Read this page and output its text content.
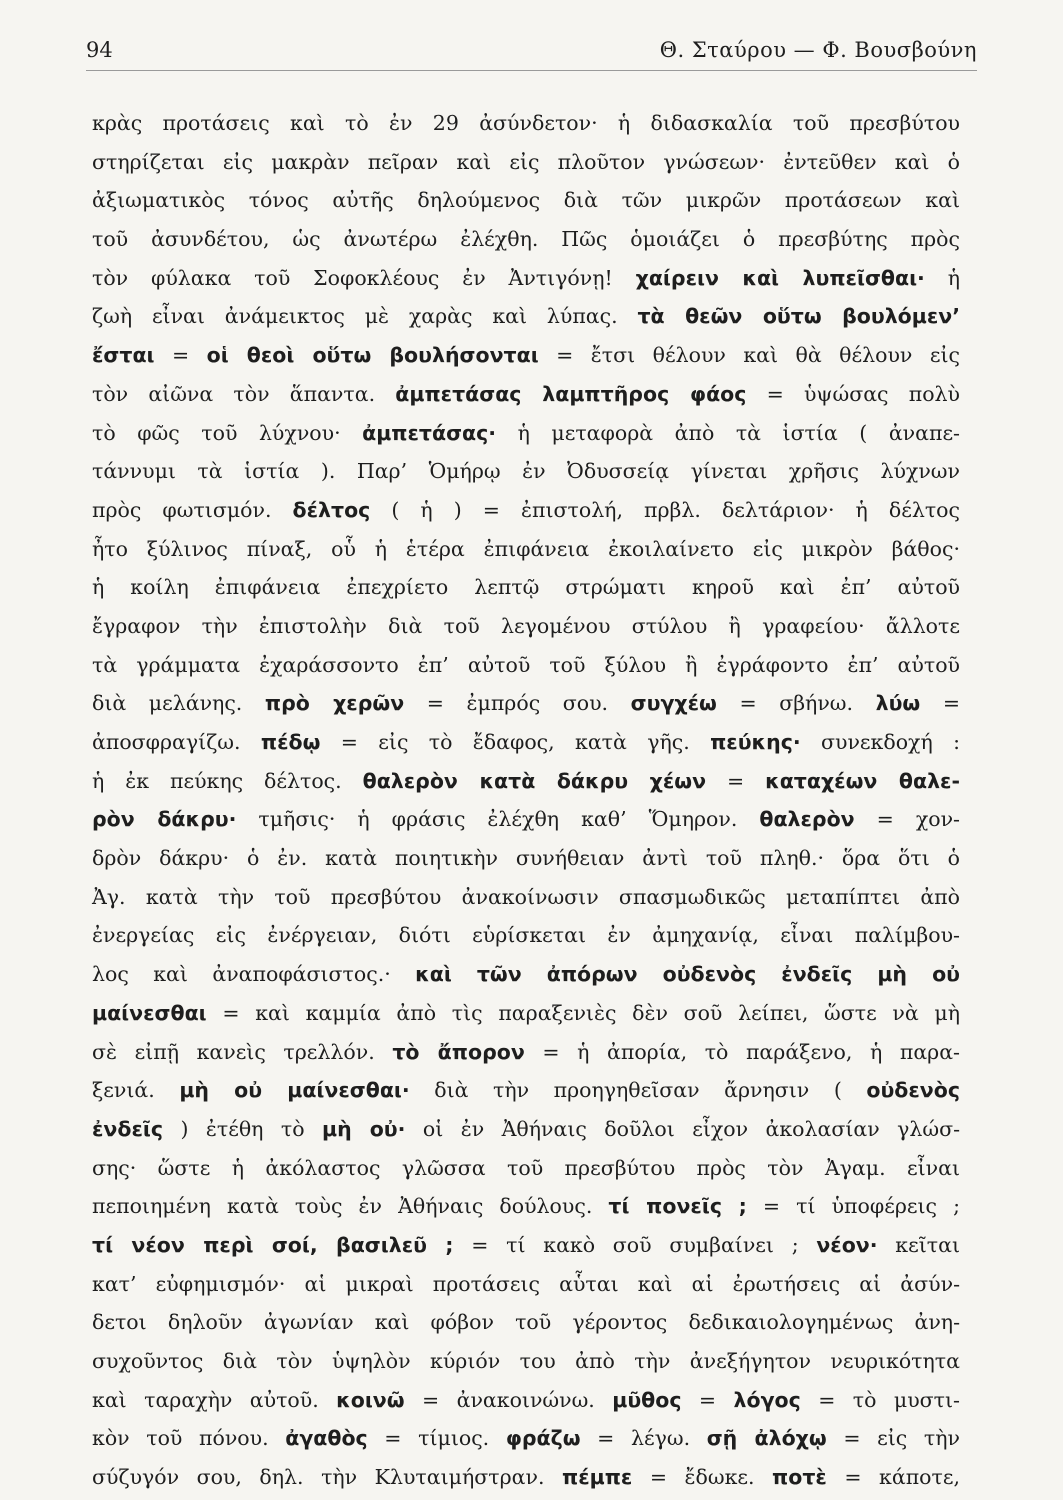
94	Θ. Σταύρου — Φ. Βουσβούνη
κρὰς προτάσεις καὶ τὸ ἐν 29 ἀσύνδετον· ἡ διδασκαλία τοῦ πρεσβύτου
στηρίζεται εἰς μακρὰν πεῖραν καὶ εἰς πλοῦτον γνώσεων· ἐντεῦθεν καὶ ὁ
ἀξιωματικὸς τόνος αὐτῆς δηλούμενος διὰ τῶν μικρῶν προτάσεων καὶ
τοῦ ἀσυνδέτου, ὡς ἀνωτέρω ἐλέχθη. Πῶς ὁμοιάζει ὁ πρεσβύτης πρὸς
τὸν φύλακα τοῦ Σοφοκλέους ἐν Ἀντιγόνῃ! χαίρειν καὶ λυπεῖσθαι· ἡ
ζωὴ εἶναι ἀνάμεικτος μὲ χαρὰς καὶ λύπας. τὰ θεῶν οὕτω βουλόμεν’
ἔσται = οἱ θεοὶ οὕτω βουλήσονται = ἔτσι θέλουν καὶ θὰ θέλουν εἰς
τὸν αἰῶνα τὸν ἅπαντα. ἀμπετάσας λαμπτῆρος φάος = ὑψώσας πολὺ
τὸ φῶς τοῦ λύχνου· ἀμπετάσας· ἡ μεταφορὰ ἀπὸ τὰ ἱστία ( ἀναπε-
τάννυμι τὰ ἱστία ). Παρ’ Ὁμήρῳ ἐν Ὀδυσσείᾳ γίνεται χρῆσις λύχνων
πρὸς φωτισμόν. δέλτος ( ἡ ) = ἐπιστολή, πρβλ. δελτάριον· ἡ δέλτος
ἦτο ξύλινος πίναξ, οὗ ἡ ἑτέρα ἐπιφάνεια ἐκοιλαίνετο εἰς μικρὸν βάθος·
ἡ κοίλη ἐπιφάνεια ἐπεχρίετο λεπτῷ στρώματι κηροῦ καὶ ἐπ’ αὐτοῦ
ἔγραφον τὴν ἐπιστολὴν διὰ τοῦ λεγομένου στύλου ἢ γραφείου· ἄλλοτε
τὰ γράμματα ἐχαράσσοντο ἐπ’ αὐτοῦ τοῦ ξύλου ἢ ἐγράφοντο ἐπ’ αὐτοῦ
διὰ μελάνης. πρὸ χερῶν = ἐμπρός σου. συγχέω = σβήνω. λύω =
ἀποσφραγίζω. πέδῳ = εἰς τὸ ἔδαφος, κατὰ γῆς. πεύκης· συνεκδοχή :
ἡ ἐκ πεύκης δέλτος. θαλερὸν κατὰ δάκρυ χέων = καταχέων θαλε-
ρὸν δάκρυ· τμῆσις· ἡ φράσις ἐλέχθη καθ’ Ὅμηρον. θαλερὸν = χον-
δρὸν δάκρυ· ὁ ἐν. κατὰ ποιητικὴν συνήθειαν ἀντὶ τοῦ πληθ.· ὅρα ὅτι ὁ
Ἀγ. κατὰ τὴν τοῦ πρεσβύτου ἀνακοίνωσιν σπασμωδικῶς μεταπίπτει ἀπὸ
ἐνεργείας εἰς ἐνέργειαν, διότι εὑρίσκεται ἐν ἀμηχανίᾳ, εἶναι παλίμβου-
λος καὶ ἀναποφάσιστος.· καὶ τῶν ἀπόρων οὐδενὸς ἐνδεῖς μὴ οὐ
μαίνεσθαι = καὶ καμμία ἀπὸ τὶς παραξενιὲς δὲν σοῦ λείπει, ὥστε νὰ μὴ
σὲ εἰπῇ κανεὶς τρελλόν. τὸ ἄπορον = ἡ ἀπορία, τὸ παράξενο, ἡ παρα-
ξενιά. μὴ οὐ μαίνεσθαι· διὰ τὴν προηγηθεῖσαν ἄρνησιν ( οὐδενὸς
ἐνδεῖς ) ἐτέθη τὸ μὴ οὐ· οἱ ἐν Ἀθήναις δοῦλοι εἶχον ἀκολασίαν γλώσ-
σης· ὥστε ἡ ἀκόλαστος γλῶσσα τοῦ πρεσβύτου πρὸς τὸν Ἀγαμ. εἶναι
πεποιημένη κατὰ τοὺς ἐν Ἀθήναις δούλους. τί πονεῖς ; = τί ὑποφέρεις ;
τί νέον περὶ σοί, βασιλεῦ ; = τί κακὸ σοῦ συμβαίνει ; νέον· κεῖται
κατ’ εὐφημισμόν· αἱ μικραὶ προτάσεις αὗται καὶ αἱ ἐρωτήσεις αἱ ἀσύν-
δετοι δηλοῦν ἀγωνίαν καὶ φόβον τοῦ γέροντος δεδικαιολογημένως ἀνη-
συχοῦντος διὰ τὸν ὑψηλὸν κύριόν του ἀπὸ τὴν ἀνεξήγητον νευρικότητα
καὶ ταραχὴν αὐτοῦ. κοινῶ = ἀνακοινώνω. μῦθος = λόγος = τὸ μυστι-
κὸν τοῦ πόνου. ἀγαθὸς = τίμιος. φράζω = λέγω. σῇ ἀλόχῳ = εἰς τὴν
σύζυγόν σου, δηλ. τὴν Κλυταιμήστραν. πέμπε = ἔδωκε. ποτὲ = κάποτε,
